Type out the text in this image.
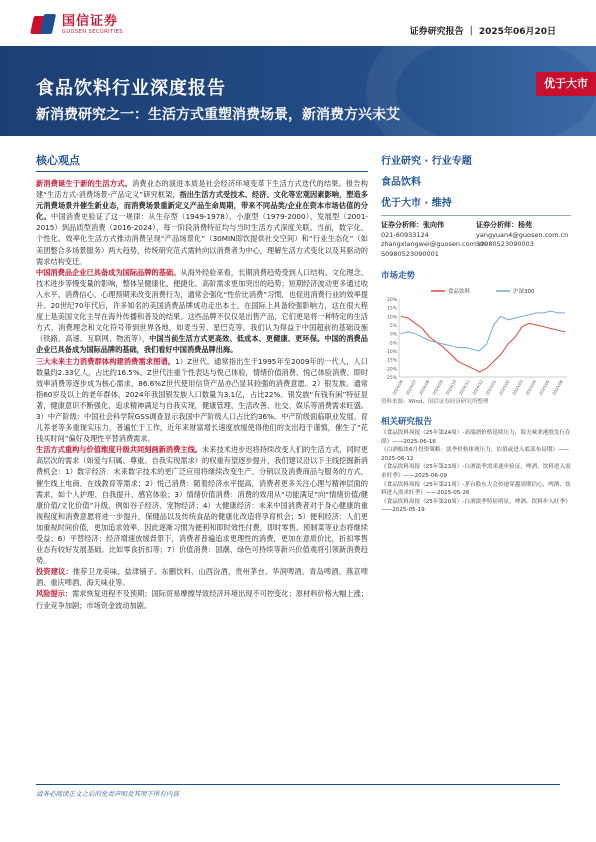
国信证券
GUOSEN SECURITIES	证券研究报告 ｜ 2025年06月20日
食品饮料行业深度报告
新消费研究之一：生活方式重塑消费场景，新消费方兴未艾
优于大市
核心观点
新消费诞生于新的生活方式。消费业态的演进本质是社会经济环境变革下生活方式迭代的结果。报告构建“生活方式-消费场景-产品定义”研究框架，指出生活方式受技术、经济、文化等宏观因素影响，塑造多元消费场景并催生新业态，而消费场景重新定义产品生命周期，带来不同品类/企业在资本市场估值的分化。中国消费史验证了这一规律：从生存型（1949-1978）、小康型（1979-2000）、发展型（2001-2015）到品质型消费（2016-2024），每一阶段消费特征均与当时生活方式深度关联。当前，数字化、个性化、效率化生活方式推动消费呈现“产品场景化”（30MIN即饮提供社交空间）和“行业生态化”（如美团整合多场景服务）两大趋势，传统研究范式需转向以消费者为中心，理解生活方式变化以及其驱动的需求结构变迁。
中国消费品企业已具备成为国际品牌的基础。从海外经验来看，长期消费趋势受到人口结构、文化理念、技术进步等慢变量的影响，整体呈健康化、便捷化、高阶需求更加突出的趋势；短期经济波动更多通过收入水平、消费信心、心理预期来改变消费行为，通常会强化“性价比消费”习惯，也促进消费行业的效率提升。20世纪70年代后，许多知名的美国消费品牌成功走出本土，在国际上具备较强影响力，这在很大程度上是美国文化主导在海外传播和普及的结果。这些品牌不仅仅是出售产品，它们更是将一种特定的生活方式、消费理念和文化符号带到世界各地，如麦当劳、星巴克等。我们认为得益于中国超前的基础设施（铁路、高速、互联网、物流等），中国当前生活方式更高效、低成本、更健康、更环保。中国的消费品企业已具备成为国际品牌的基础，我们看好中国消费品牌出海。
三大未来主力消费群体构建消费需求图谱。1）Z世代。通常指出生于1995年至2009年的一代人，人口数量约2.33亿人，占比约16.5%。Z世代注重个性表达与悦己体验，情绪价值消费、悦己体验消费、即时效率消费等逐步成为核心需求，86.6%Z世代使用信贷产品亦凸显其较强的消费意愿。2）银发族。通常指60岁及以上的老年群体，2024年我国银发族人口数量为3.1亿，占比22%。银发族“有钱有闲”特征显著，健康意识不断强化，追求精神满足与自我实现，健康管理、生活改善、社交、娱乐等消费需求旺盛。3）中产阶级：中国社会科学院GSS调查显示我国中产阶级人口占比约36%。中产阶级面临职业发展、育儿养老等多重现实压力，普遍忙于工作，近年来财富增长速度放缓使得他们的支出趋于谨慎，催生了“花钱买时间”偏好及理性平替消费需求。
生活方式重构与价值维度升级共同刻画新消费主线。未来技术进步迟将持续改变人们的生活方式，同时更高层次的需求（如爱与归属、尊重、自我实现需求）的权重有望逐步提升，我们建议沿以下主线挖掘新消费机会：1）数字经济：未来数字技术的更广泛应用将继续改变生产、分销以及消费商品与服务的方式，催生线上电商、在线教育等需求；2）悦己消费：随着经济水平提高，消费者更多关注心理与精神层面的需求，如个人护理、自我提升、感官体验；3）情绪价值消费：消费的效用从“功能满足”向“情绪价值/健康价值/文化价值”升级，例如谷子经济、宠物经济；4）大健康经济：未来中国消费者对于身心健康的重视程度和消费意愿将进一步提升，保健品以及传统食品的健康化改造将孕育机会；5）便利经济：人们更加重视时间价值，更加追求效率，因此逐渐习惯为便利和即时效性付费，即时零售、预制菜等业态将继续受益；6）平替经济：经济增速放缓背景下，消费者普遍追求更理性的消费，更加在意质价比，折扣零售业态有较好发展基础。比如零食折扣等；7）价值消费：国潮、绿色可持续等新兴价值观将引领新消费趋势。
投资建议：推荐卫龙美味、盐津铺子、东鹏饮料、山西汾酒、贵州茅台、华润啤酒、青岛啤酒、燕京啤酒、重庆啤酒、海天味业等。
风险提示：需求恢复进程不及预期；国际贸易摩擦导致经济环境出现不可控变化；原材料价格大幅上涨；行业竞争加剧；市场资金波动加剧。
行业研究 · 行业专题
食品饮料
优于大市 · 维持
证券分析师：张向伟
021-60933124
zhangxiangwei@guosen.com.cn
S0980523090001
证券分析师：杨苑
yangyuan4@guosen.com.cn
S0980523090003
市场走势
食品饮料	沪深300
20%
15%
10%
5%
0%
-5%
-10%
-15%
-20%
-25%
2024/06 2024/07 2024/08 2024/09 2024/10 2024/11 2024/12 2025/01 2025/02 2025/03 2025/04 2025/05 2025/06
资料来源：Wind、国信证券经济研究所整理
相关研究报告
《食品饮料周报（25年第24周）-高端酒价格延续压力，海天味业港股发行在即》——2025-06-16
《白酒板块6月投资策略：淡季价格体现压力，估值或进入底部布局期》——2025-06-12
《食品饮料周报（25年第23周）-白酒淡季需求逐步验证，啤酒、饮料进入需求旺季》——2025-06-09
《食品饮料周报（25年第21周）-茅台股东大会传递穿越周期信心，啤酒、饮料进入需求旺季》——2025-05-26
《食品饮料周报（25年第20周）-白酒淡季特征明显，啤酒、饮料步入旺季》——2025-05-19
请务必阅读正文之后的免责声明及其项下所有内容
